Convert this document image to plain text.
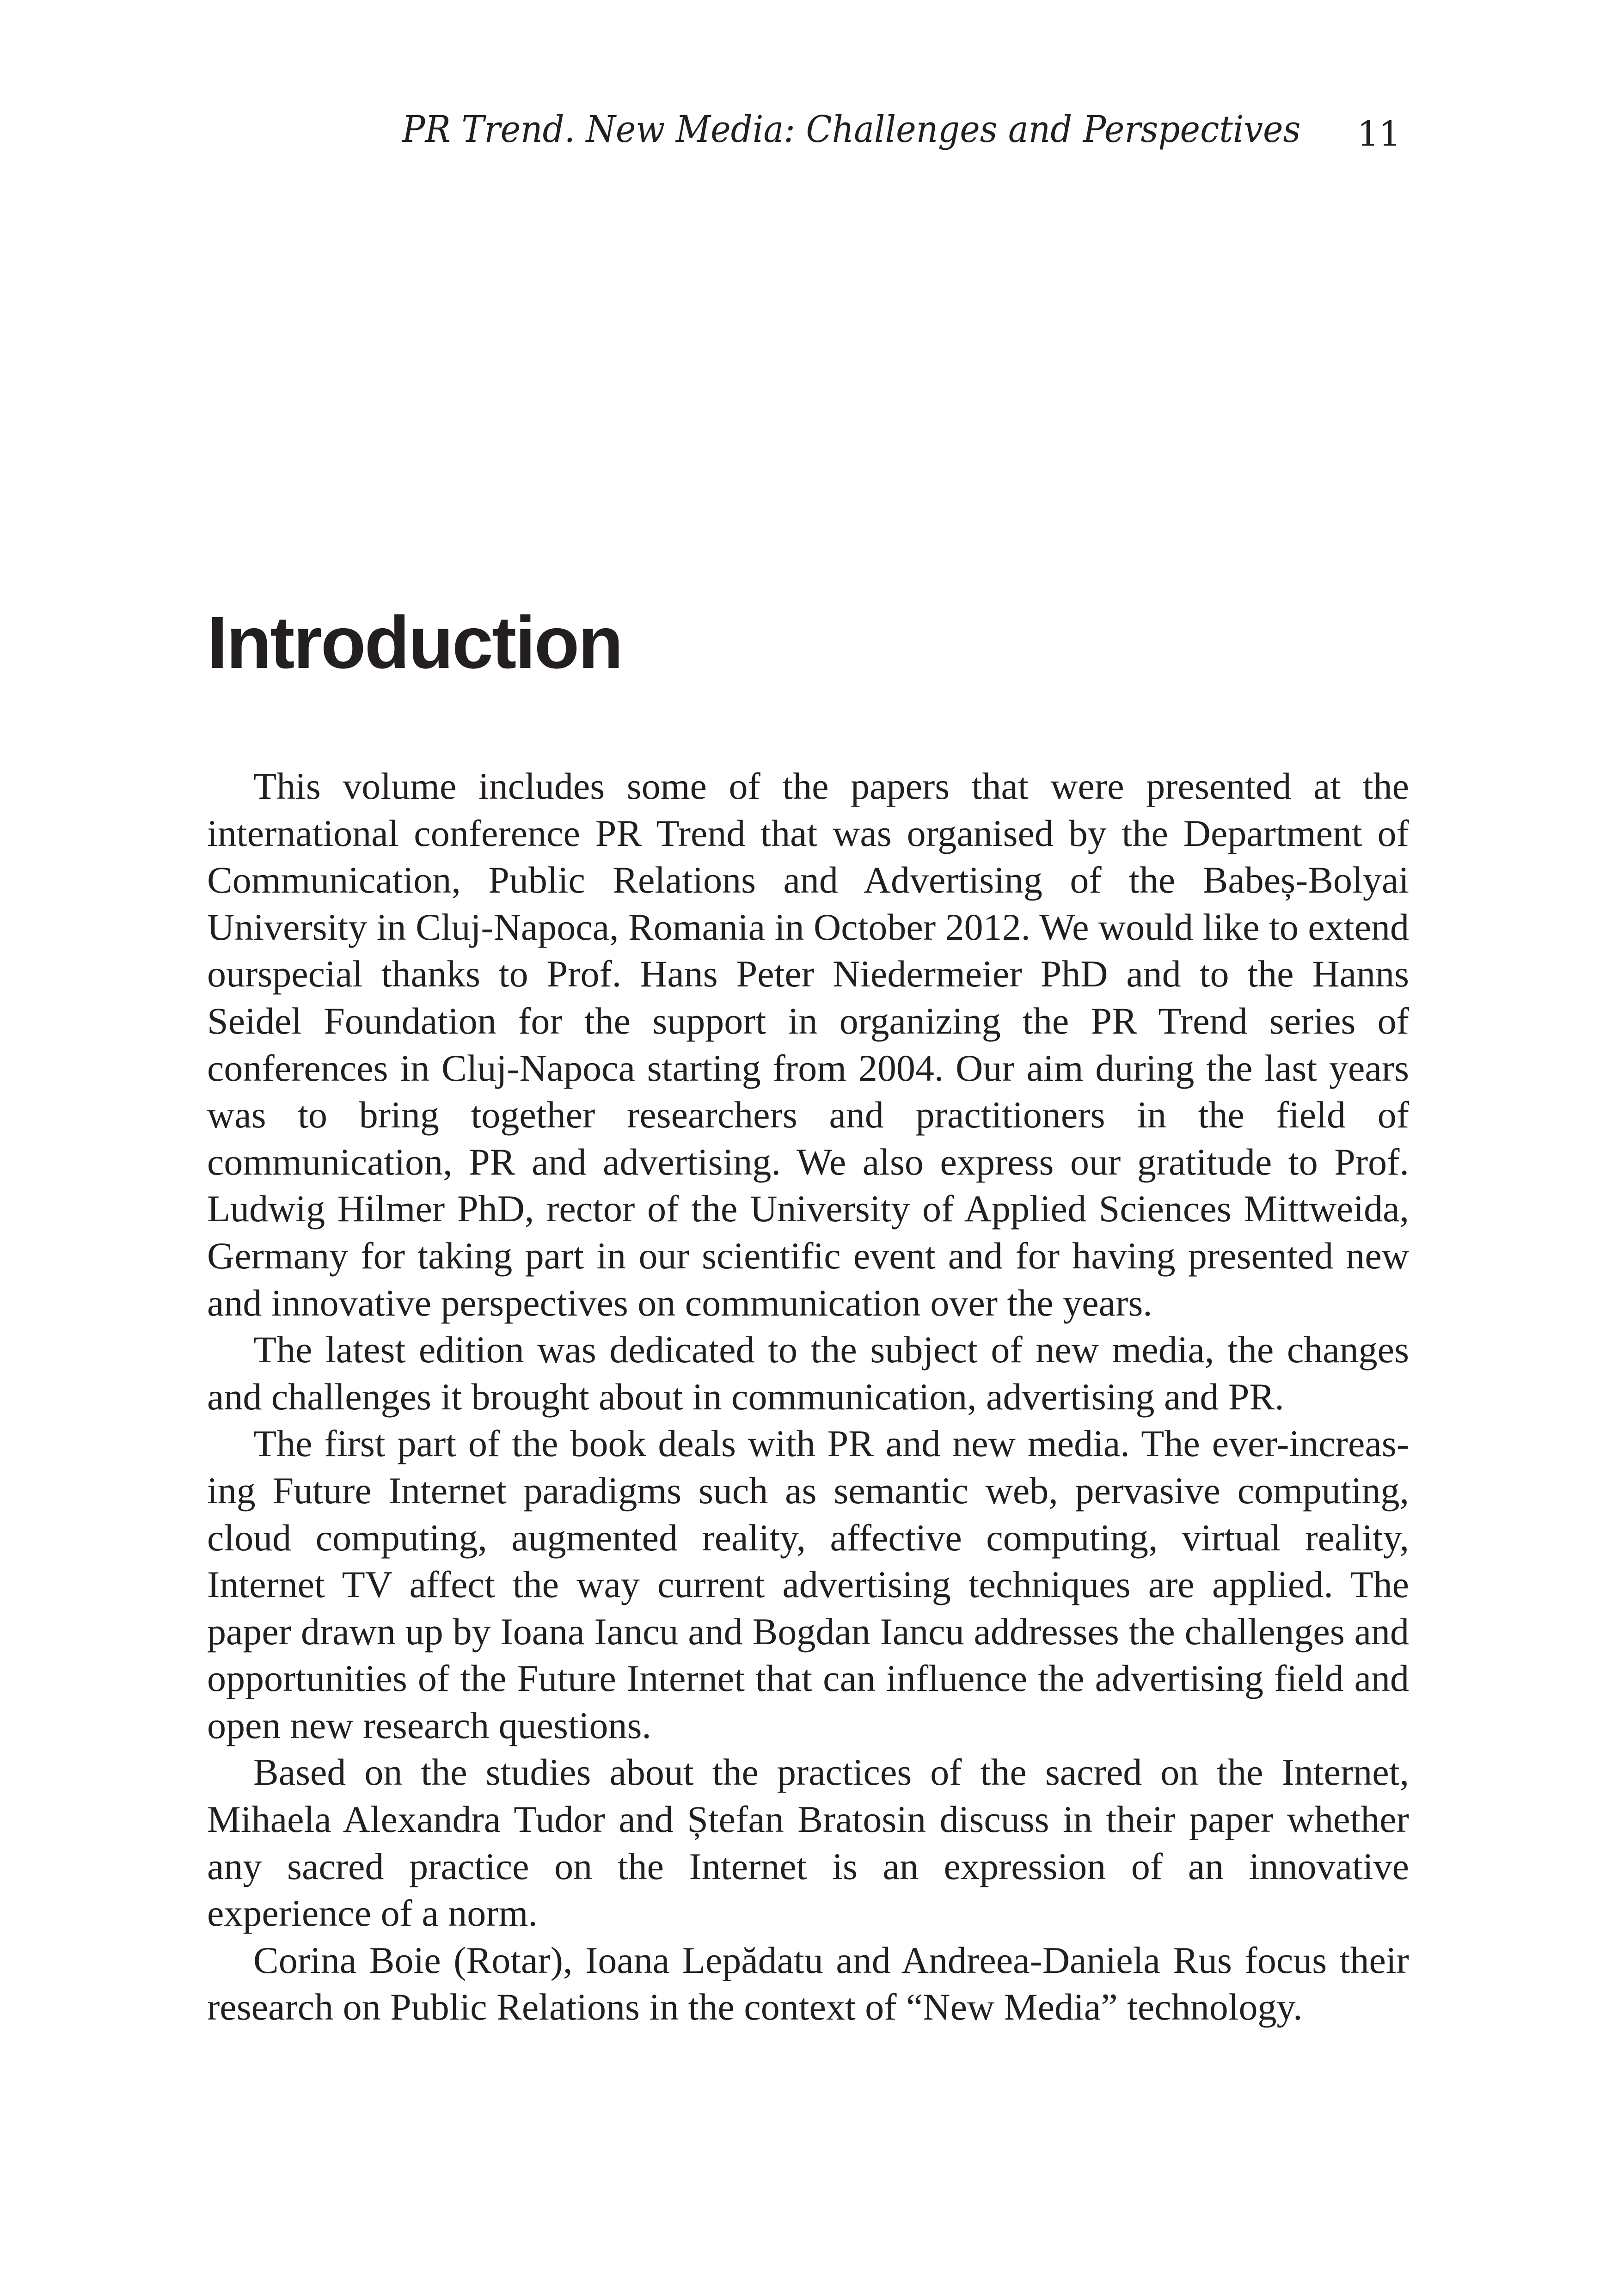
PR Trend. New Media: Challenges and Perspectives 11
Introduction

This volume includes some of the papers that were presented at the international conference PR Trend that was organised by the Department of Communication, Public Relations and Advertising of the Babeș-Bolyai University in Cluj-Napoca, Romania in October 2012. We would like to extend ourspecial thanks to Prof. Hans Peter Niedermeier PhD and to the Hanns Seidel Foundation for the support in organizing the PR Trend series of conferences in Cluj-Napoca starting from 2004. Our aim during the last years was to bring together researchers and practitioners in the field of communication, PR and advertising. We also express our gratitude to Prof. Ludwig Hilmer PhD, rector of the University of Applied Sciences Mittweida, Germany for taking part in our scientific event and for having presented new and innovative perspectives on communication over the years.

The latest edition was dedicated to the subject of new media, the changes and challenges it brought about in communication, advertising and PR.

The first part of the book deals with PR and new media. The ever-increasing Future Internet paradigms such as semantic web, pervasive computing, cloud computing, augmented reality, affective computing, virtual reality, Internet TV affect the way current advertising techniques are applied. The paper drawn up by Ioana Iancu and Bogdan Iancu addresses the challenges and opportunities of the Future Internet that can influence the advertising field and open new research questions.

Based on the studies about the practices of the sacred on the Internet, Mihaela Alexandra Tudor and Ștefan Bratosin discuss in their paper whether any sacred practice on the Internet is an expression of an innovative experience of a norm.

Corina Boie (Rotar), Ioana Lepădatu and Andreea-Daniela Rus focus their research on Public Relations in the context of “New Media” technology.
